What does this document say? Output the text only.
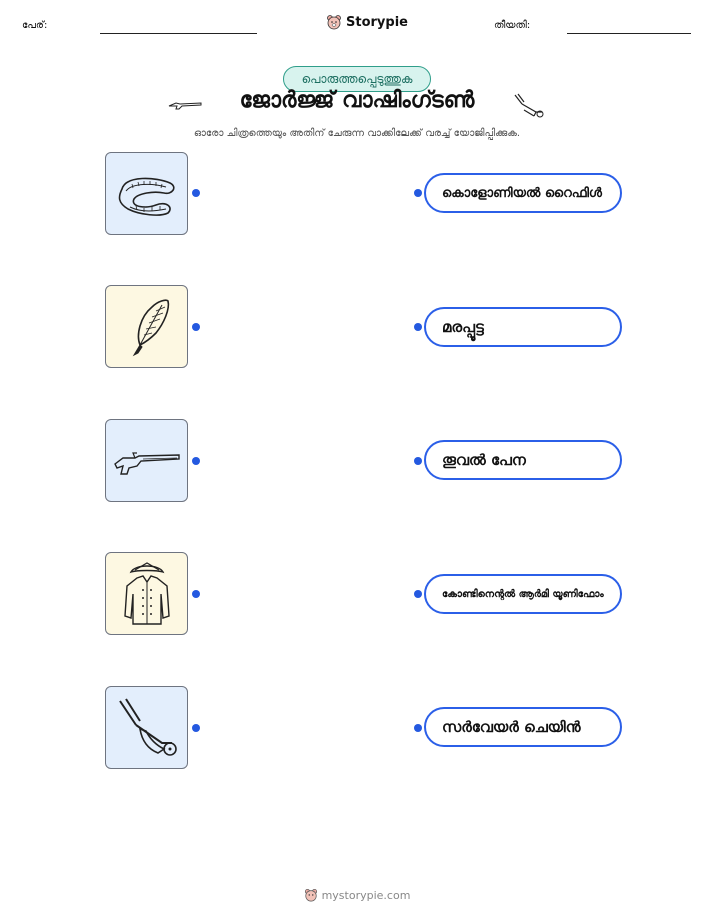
പേര്:	Storypie	തീയതി:
പൊരുത്തപ്പെടുത്തുക
ജോർജ്ജ് വാഷിംഗ്ടൺ
ഓരോ ചിത്രത്തെയും അതിന് ചേരുന്ന വാക്കിലേക്ക് വരച്ച് യോജിപ്പിക്കുക.
കൊളോണിയൽ റൈഫിൾ
മരപ്പൂട്ട
തൂവൽ പേന
കോണ്ടിനെന്റൽ ആർമി യൂണിഫോം
സർവേയർ ചെയിൻ
mystorypie.com
